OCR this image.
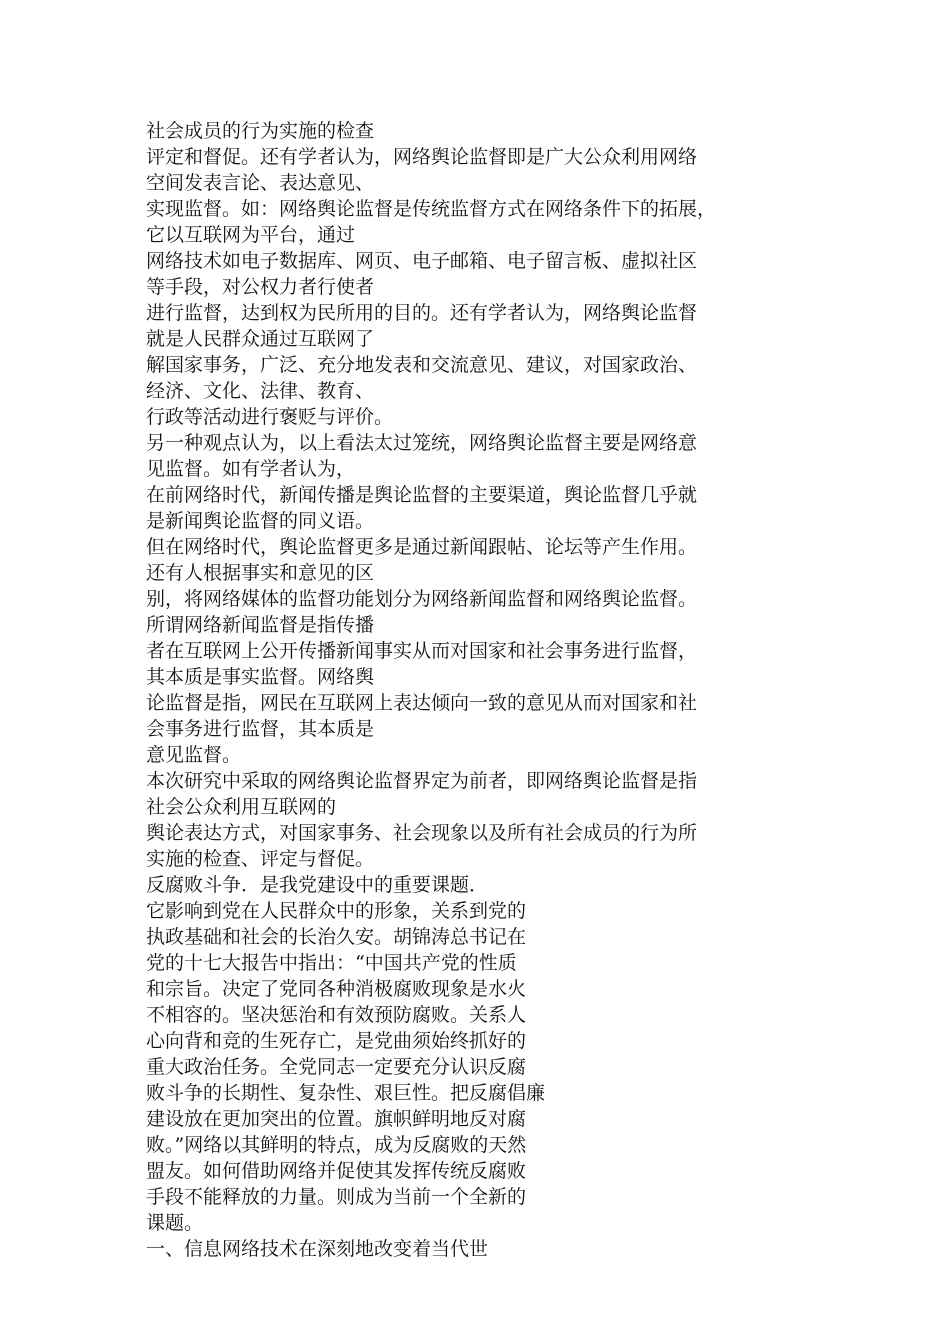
社会成员的行为实施的检查

评定和督促。还有学者认为，网络舆论监督即是广大公众利用网络

空间发表言论、表达意见、

实现监督。如：网络舆论监督是传统监督方式在网络条件下的拓展，

它以互联网为平台，通过

网络技术如电子数据库、网页、电子邮箱、电子留言板、虚拟社区

等手段，对公权力者行使者

进行监督，达到权为民所用的目的。还有学者认为，网络舆论监督

就是人民群众通过互联网了

解国家事务，广泛、充分地发表和交流意见、建议，对国家政治、

经济、文化、法律、教育、

行政等活动进行褒贬与评价。

另一种观点认为，以上看法太过笼统，网络舆论监督主要是网络意

见监督。如有学者认为，

在前网络时代，新闻传播是舆论监督的主要渠道，舆论监督几乎就

是新闻舆论监督的同义语。

但在网络时代，舆论监督更多是通过新闻跟帖、论坛等产生作用。

还有人根据事实和意见的区

别，将网络媒体的监督功能划分为网络新闻监督和网络舆论监督。

所谓网络新闻监督是指传播

者在互联网上公开传播新闻事实从而对国家和社会事务进行监督，

其本质是事实监督。网络舆

论监督是指，网民在互联网上表达倾向一致的意见从而对国家和社

会事务进行监督，其本质是

意见监督。

本次研究中采取的网络舆论监督界定为前者，即网络舆论监督是指

社会公众利用互联网的

舆论表达方式，对国家事务、社会现象以及所有社会成员的行为所

实施的检查、评定与督促。

反腐败斗争．是我党建设中的重要课题．

它影响到党在人民群众中的形象，关系到党的

执政基础和社会的长治久安。胡锦涛总书记在

党的十七大报告中指出：“中国共产党的性质

和宗旨。决定了党同各种消极腐败现象是水火

不相容的。坚决惩治和有效预防腐败。关系人

心向背和竞的生死存亡，是党曲须始终抓好的

重大政治任务。全党同志一定要充分认识反腐

败斗争的长期性、复杂性、艰巨性。把反腐倡廉

建设放在更加突出的位置。旗帜鲜明地反对腐

败。”网络以其鲜明的特点，成为反腐败的天然

盟友。如何借助网络并促使其发挥传统反腐败

手段不能释放的力量。则成为当前一个全新的

课题。

一、信息网络技术在深刻地改变着当代世
